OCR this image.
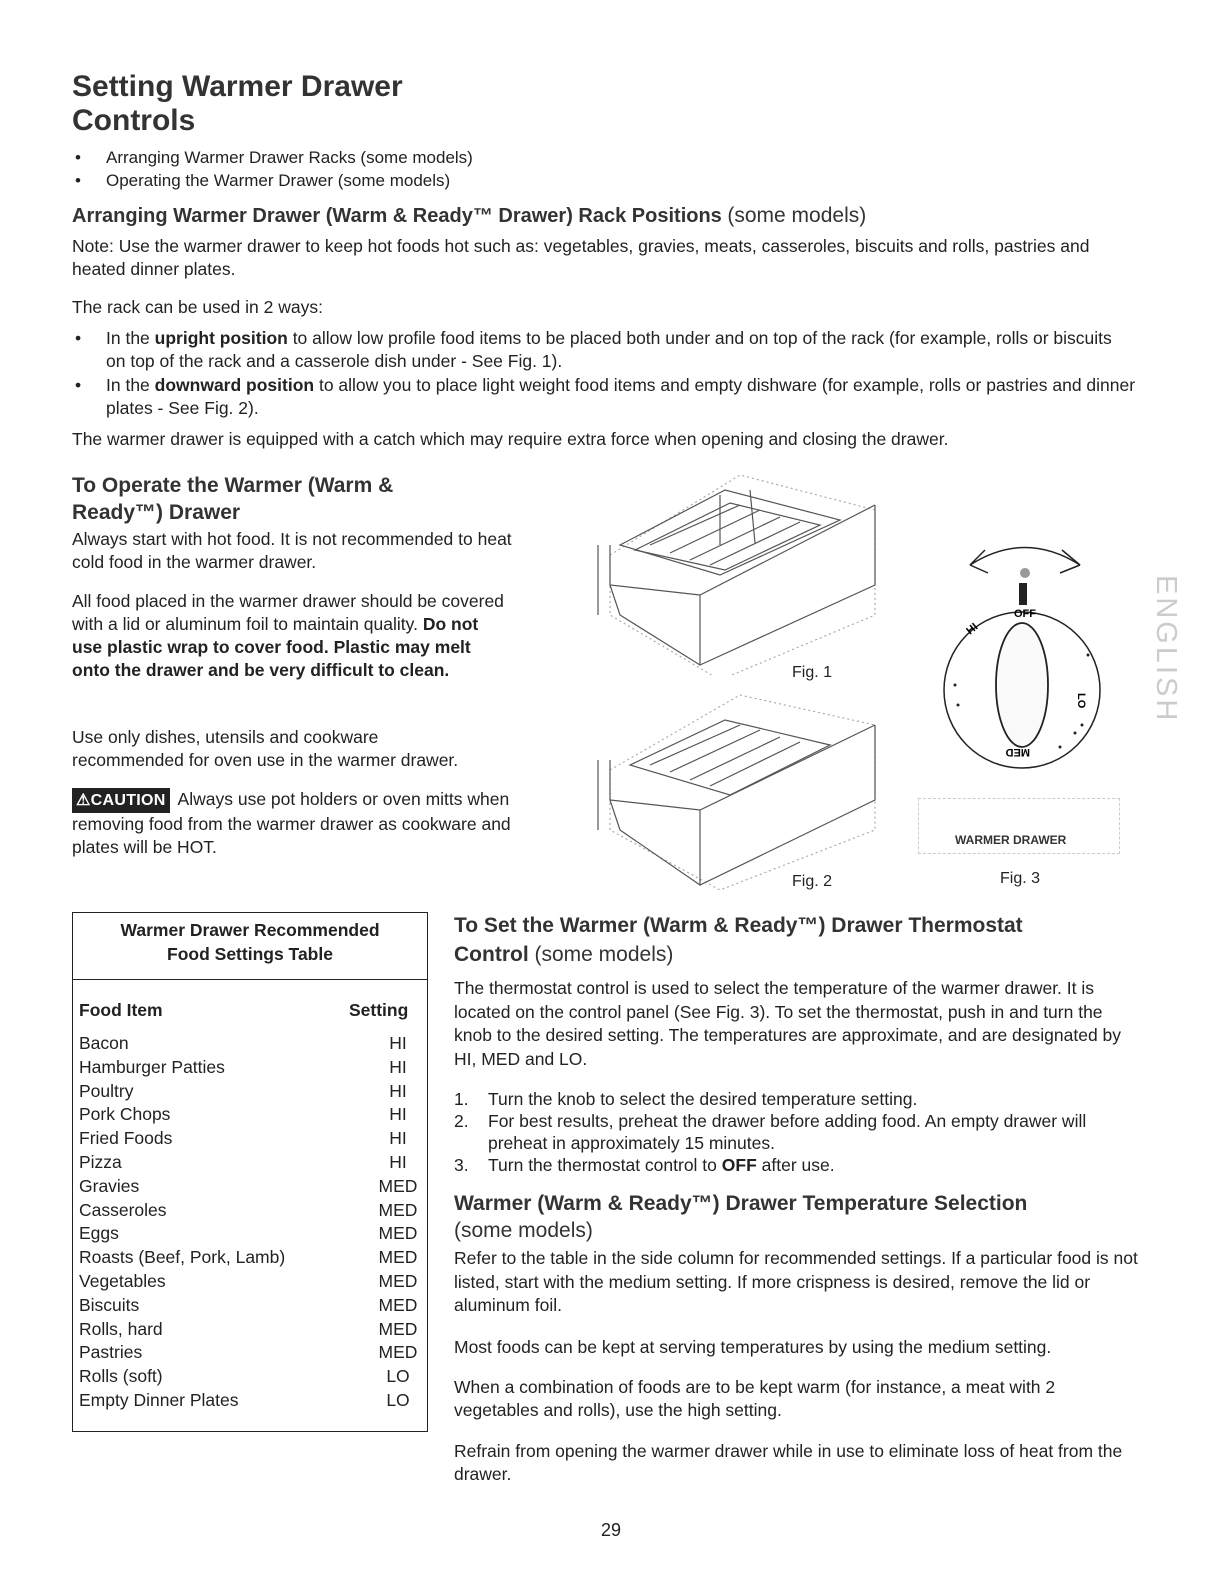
Setting Warmer Drawer
Controls
• Arranging Warmer Drawer Racks (some models)
• Operating the Warmer Drawer (some models)
Arranging Warmer Drawer (Warm & Ready™ Drawer) Rack Positions (some models)

Note: Use the warmer drawer to keep hot foods hot such as: vegetables, gravies, meats, casseroles, biscuits and rolls, pastries and heated dinner plates.

The rack can be used in 2 ways:

• In the upright position to allow low profile food items to be placed both under and on top of the rack (for example, rolls or biscuits on top of the rack and a casserole dish under - See Fig. 1).
• In the downward position to allow you to place light weight food items and empty dishware (for example, rolls or pastries and dinner plates - See Fig. 2).

The warmer drawer is equipped with a catch which may require extra force when opening and closing the drawer.

To Operate the Warmer (Warm &
Ready™) Drawer

Always start with hot food. It is not recommended to heat cold food in the warmer drawer.

All food placed in the warmer drawer should be covered with a lid or aluminum foil to maintain quality. Do not use plastic wrap to cover food. Plastic may melt onto the drawer and be very difficult to clean.

Use only dishes, utensils and cookware recommended for oven use in the warmer drawer.

⚠CAUTION Always use pot holders or oven mitts when removing food from the warmer drawer as cookware and plates will be HOT.

Fig. 1
Fig. 2
OFF
HI
LO
MED
WARMER DRAWER
Fig. 3
ENGLISH
Warmer Drawer Recommended
Food Settings Table
Food Item	Setting
Bacon	HI
Hamburger Patties	HI
Poultry	HI
Pork Chops	HI
Fried Foods	HI
Pizza	HI
Gravies	MED
Casseroles	MED
Eggs	MED
Roasts (Beef, Pork, Lamb)	MED
Vegetables	MED
Biscuits	MED
Rolls, hard	MED
Pastries	MED
Rolls (soft)	LO
Empty Dinner Plates	LO
To Set the Warmer (Warm & Ready™) Drawer Thermostat
Control (some models)

The thermostat control is used to select the temperature of the warmer drawer. It is located on the control panel (See Fig. 3). To set the thermostat, push in and turn the knob to the desired setting. The temperatures are approximate, and are designated by HI, MED and LO.

1. Turn the knob to select the desired temperature setting.
2. For best results, preheat the drawer before adding food. An empty drawer will preheat in approximately 15 minutes.
3. Turn the thermostat control to OFF after use.
Warmer (Warm & Ready™) Drawer Temperature Selection
(some models)

Refer to the table in the side column for recommended settings. If a particular food is not listed, start with the medium setting. If more crispness is desired, remove the lid or aluminum foil.

Most foods can be kept at serving temperatures by using the medium setting.

When a combination of foods are to be kept warm (for instance, a meat with 2 vegetables and rolls), use the high setting.

Refrain from opening the warmer drawer while in use to eliminate loss of heat from the drawer.

29
